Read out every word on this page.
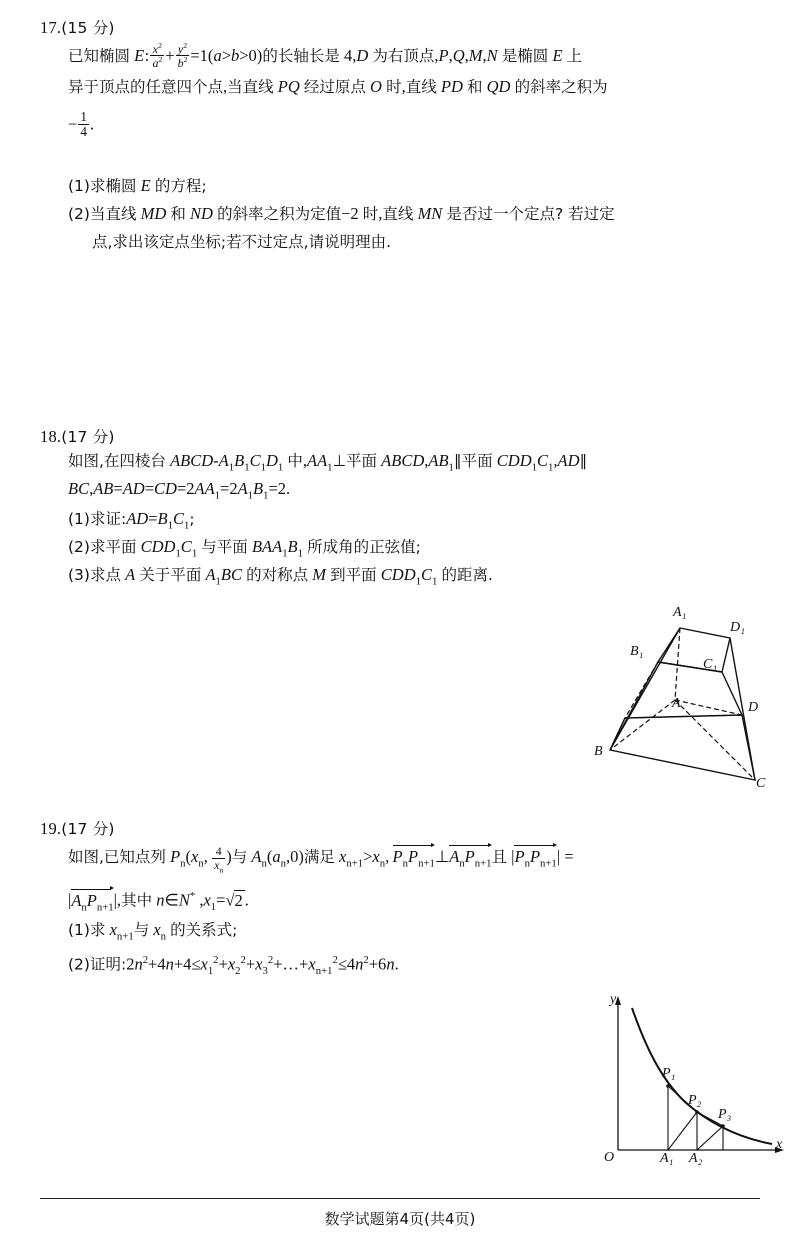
17.(15 分)
已知椭圆 E: $\frac{x^2}{a^2} + \frac{y^2}{b^2} =1(a>b>0)$的长轴长是 4,D 为右顶点,P,Q,M,N 是椭圆 E 上
异于顶点的任意四个点,当直线 PQ 经过原点 O 时,直线 PD 和 QD 的斜率之积为
− $\frac{1}{4}$ .
(1)求椭圆 E 的方程;
(2)当直线 MD 和 ND 的斜率之积为定值−2 时,直线 MN 是否过一个定点? 若过定
点,求出该定点坐标;若不过定点,请说明理由.
18.(17 分)
如图,在四棱台 ABCD-$A_1B_1C_1D_1$ 中$,AA_1\perp$平面 $ABCD,AB_1\parallel$平面 $CDD_1C_1,AD\parallel$
$BC,AB=AD=CD=2AA_1=2A_1B_1=2$.
(1)求证$:AD=B_1C_1$;
(2)求平面 $CDD_1C_1$ 与平面 $BAA_1B_1$ 所成角的正弦值;
(3)求点 A 关于平面 $A_1BC$ 的对称点 M 到平面 $CDD_1C_1$ 的距离.
A₁
D₁
B₁
C₁
A	D
B
C
19.(17 分)
如图,已知点列 $P_n(x_n$,  $\frac{4}{x_n}$ )与 $A_n(a_n,0)$满足 $x_{n+1}>x_n$, $P_nP_{n+1}\perp A_nP_{n+1}$且 $|P_nP_{n+1}|$ =
$|A_nP_{n+1}|$,其中 n∈N* $,x_1=√2$ .
(1)求 $x_{n+1}$与 $x_n$ 的关系式;
(2)证明$:2n^2+4n+4\le x_1^2+x_2^2+x_3^2+\dots+x_{n+1}^2\le 4n^2+6n$.
y
P₁
P₂
P₃
O	A₁ A₂
x
数学试题第4页(共4页)
